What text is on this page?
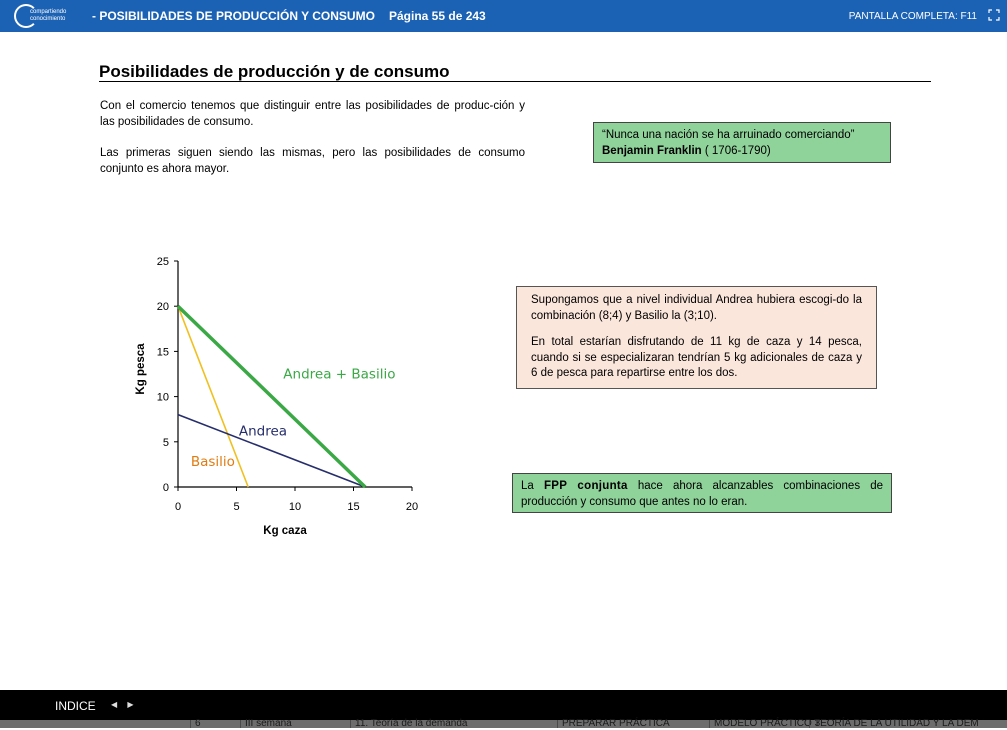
compartiendo
conocimiento - POSIBILIDADES DE PRODUCCIÓN Y CONSUMO Página 55 de 243	PANTALLA COMPLETA: F11
Posibilidades de producción y de consumo

Con el comercio tenemos que distinguir entre las posibilidades de produc-ción y las posibilidades de consumo.

Las primeras siguen siendo las mismas, pero las posibilidades de consumo conjunto es ahora mayor.

“Nunca una nación se ha arruinado comerciando”
Benjamin Franklin ( 1706-1790)

Supongamos que a nivel individual Andrea hubiera escogi-do la combinación (8;4) y Basilio la (3;10).

En total estarían disfrutando de 11 kg de caza y 14 pesca, cuando si se especializaran tendrían 5 kg adicionales de caza y 6 de pesca para repartirse entre los dos.

La FPP conjunta hace ahora alcanzables combinaciones de producción y consumo que antes no lo eran.
0
5
10
15
20
25
0	5	10	15	20
Kg caza
Kg pesca	Andrea + Basilio
Andrea
Basilio
INDICE ◀ ▶
6	III semana	11. Teoría de la demanda	PREPARAR PRÁCTICA	MODELO PRÁCTICO 3:
TEORÍA DE LA UTILIDAD Y LA DEM
